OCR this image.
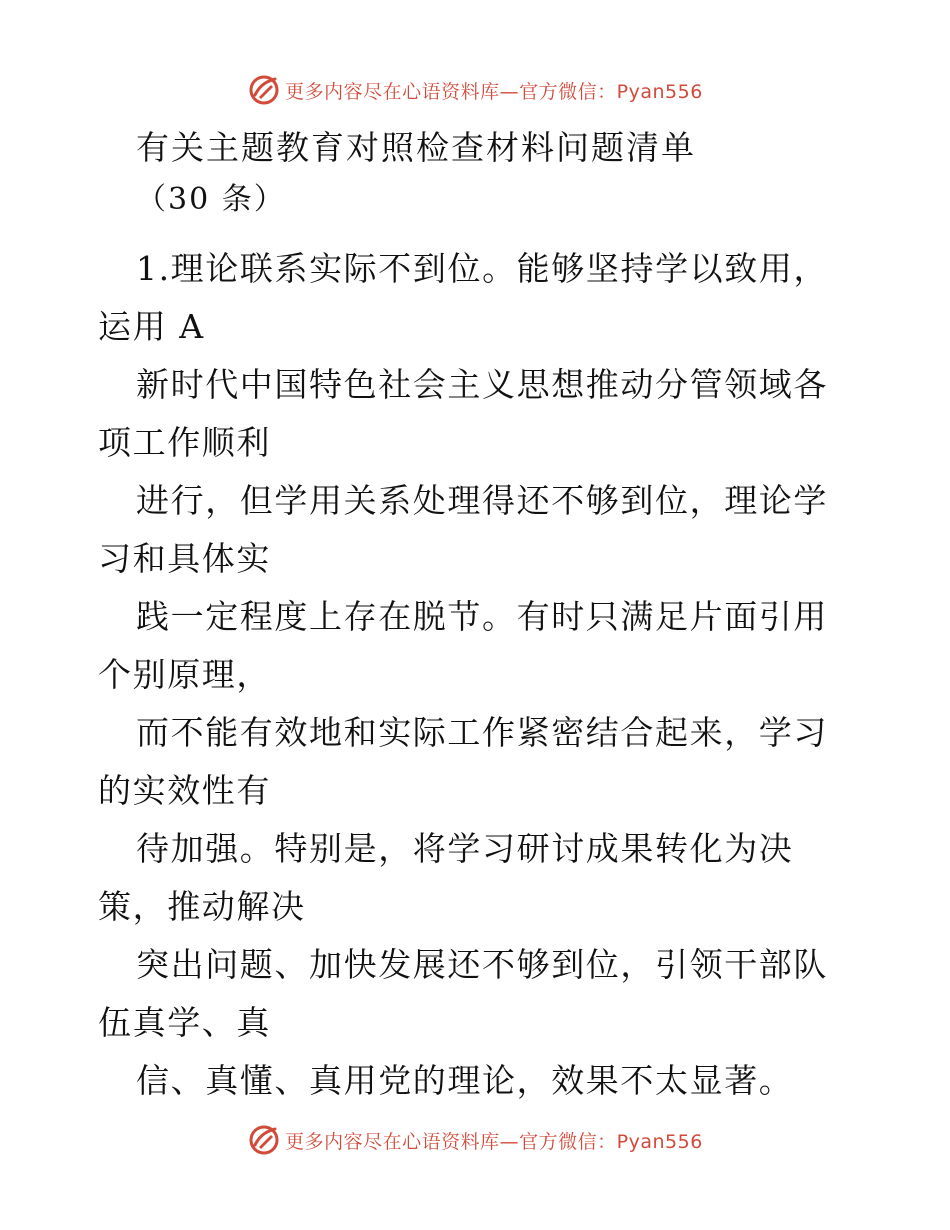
更多内容尽在心语资料库—官方微信：Pyan556
有关主题教育对照检查材料问题清单
（30 条）

1.理论联系实际不到位。能够坚持学以致用，运用 A

新时代中国特色社会主义思想推动分管领域各项工作顺利

进行，但学用关系处理得还不够到位，理论学习和具体实

践一定程度上存在脱节。有时只满足片面引用个别原理，

而不能有效地和实际工作紧密结合起来，学习的实效性有

待加强。特别是，将学习研讨成果转化为决策，推动解决

突出问题、加快发展还不够到位，引领干部队伍真学、真

信、真懂、真用党的理论，效果不太显著。

更多内容尽在心语资料库—官方微信：Pyan556
